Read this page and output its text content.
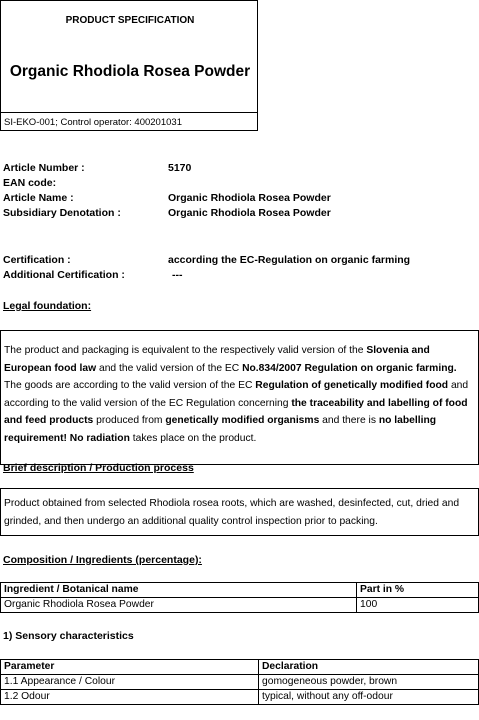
PRODUCT SPECIFICATION
Organic Rhodiola Rosea Powder
SI-EKO-001; Control operator: 400201031
Article Number :	5170
EAN code:
Article Name :	Organic Rhodiola Rosea Powder
Subsidiary Denotation :	Organic Rhodiola Rosea Powder
Certification :	according the EC-Regulation on organic farming
Additional Certification :	---
Legal foundation:
The product and packaging is equivalent to the respectively valid version of the Slovenia and European food law and the valid version of the EC No.834/2007 Regulation on organic farming. The goods are according to the valid version of the EC Regulation of genetically modified food and according to the valid version of the EC Regulation concerning the traceability and labelling of food and feed products produced from genetically modified organisms and there is no labelling requirement! No radiation takes place on the product.
Brief description / Production process
Product obtained from selected Rhodiola rosea roots, which are washed, desinfected, cut, dried and grinded, and then undergo an additional quality control inspection prior to packing.
Composition / Ingredients (percentage):
Ingredient / Botanical name	Part in %
Organic Rhodiola Rosea Powder	100
1) Sensory characteristics
Parameter	Declaration
1.1 Appearance / Colour	gomogeneous powder, brown
1.2 Odour	typical, without any off-odour
